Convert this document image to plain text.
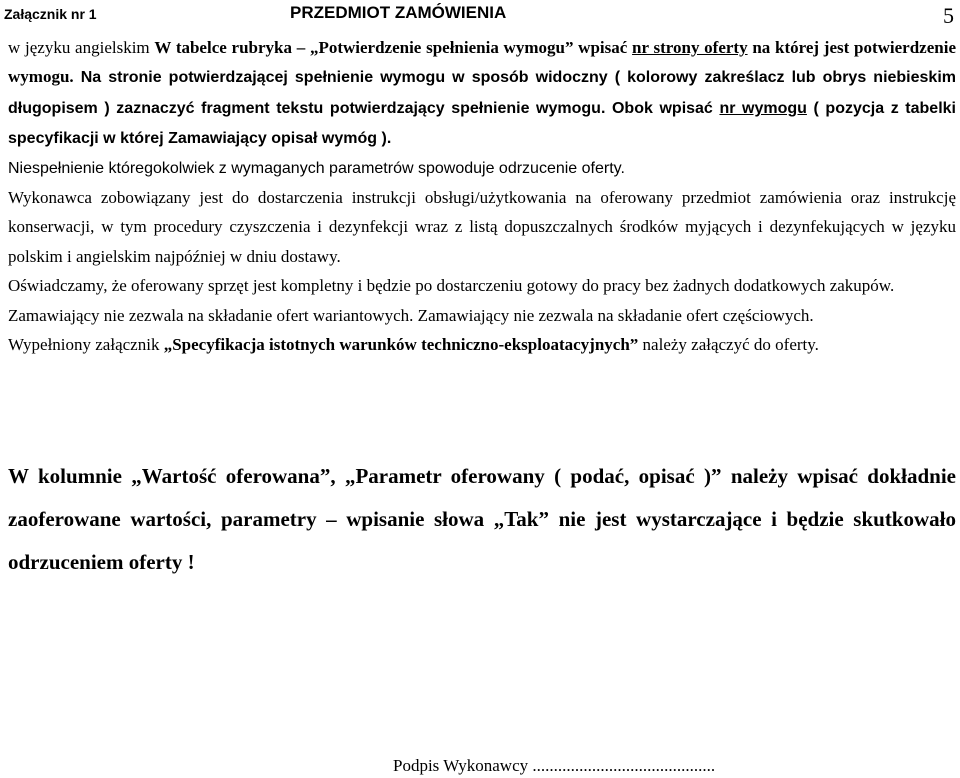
Załącznik nr 1	PRZEDMIOT ZAMÓWIENIA	5

w języku angielskim W tabelce rubryka – „Potwierdzenie spełnienia wymogu” wpisać nr strony oferty na której jest potwierdzenie wymogu. Na stronie potwierdzającej spełnienie wymogu w sposób widoczny ( kolorowy zakreślacz lub obrys niebieskim długopisem ) zaznaczyć fragment tekstu potwierdzający spełnienie wymogu. Obok wpisać nr wymogu ( pozycja z tabelki specyfikacji w której Zamawiający opisał wymóg ).

Niespełnienie któregokolwiek z wymaganych parametrów spowoduje odrzucenie oferty.

Wykonawca zobowiązany jest do dostarczenia instrukcji obsługi/użytkowania na oferowany przedmiot zamówienia oraz instrukcję konserwacji, w tym procedury czyszczenia i dezynfekcji wraz z listą dopuszczalnych środków myjących i dezynfekujących w języku polskim i angielskim najpóźniej w dniu dostawy.

Oświadczamy, że oferowany sprzęt jest kompletny i będzie po dostarczeniu gotowy do pracy bez żadnych dodatkowych zakupów.

Zamawiający nie zezwala na składanie ofert wariantowych. Zamawiający nie zezwala na składanie ofert częściowych.

Wypełniony załącznik „Specyfikacja istotnych warunków techniczno-eksploatacyjnych” należy załączyć do oferty.

W kolumnie „Wartość oferowana”, „Parametr oferowany ( podać, opisać )” należy wpisać dokładnie zaoferowane wartości, parametry – wpisanie słowa „Tak” nie jest wystarczające i będzie skutkowało odrzuceniem oferty !

Podpis Wykonawcy ...........................................
